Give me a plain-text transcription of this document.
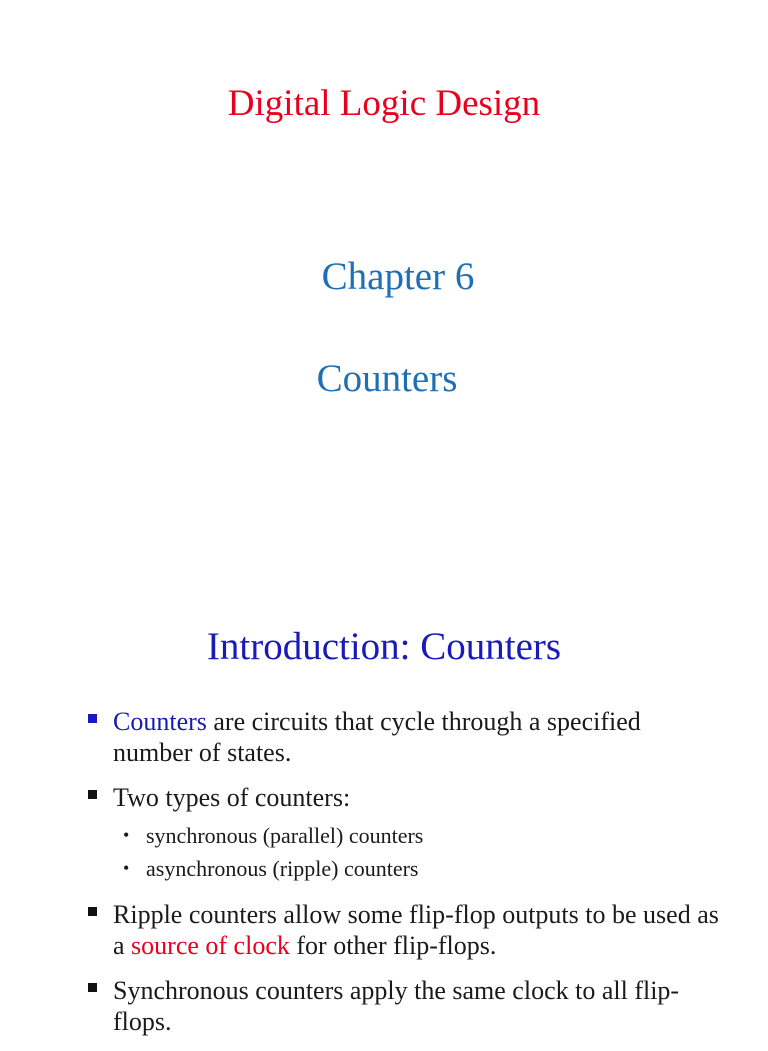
Digital Logic Design
Chapter 6
Counters
Introduction: Counters
Counters are circuits that cycle through a specified number of states.
Two types of counters:
• synchronous (parallel) counters
• asynchronous (ripple) counters
Ripple counters allow some flip-flop outputs to be used as a source of clock for other flip-flops.
Synchronous counters apply the same clock to all flip-flops.
